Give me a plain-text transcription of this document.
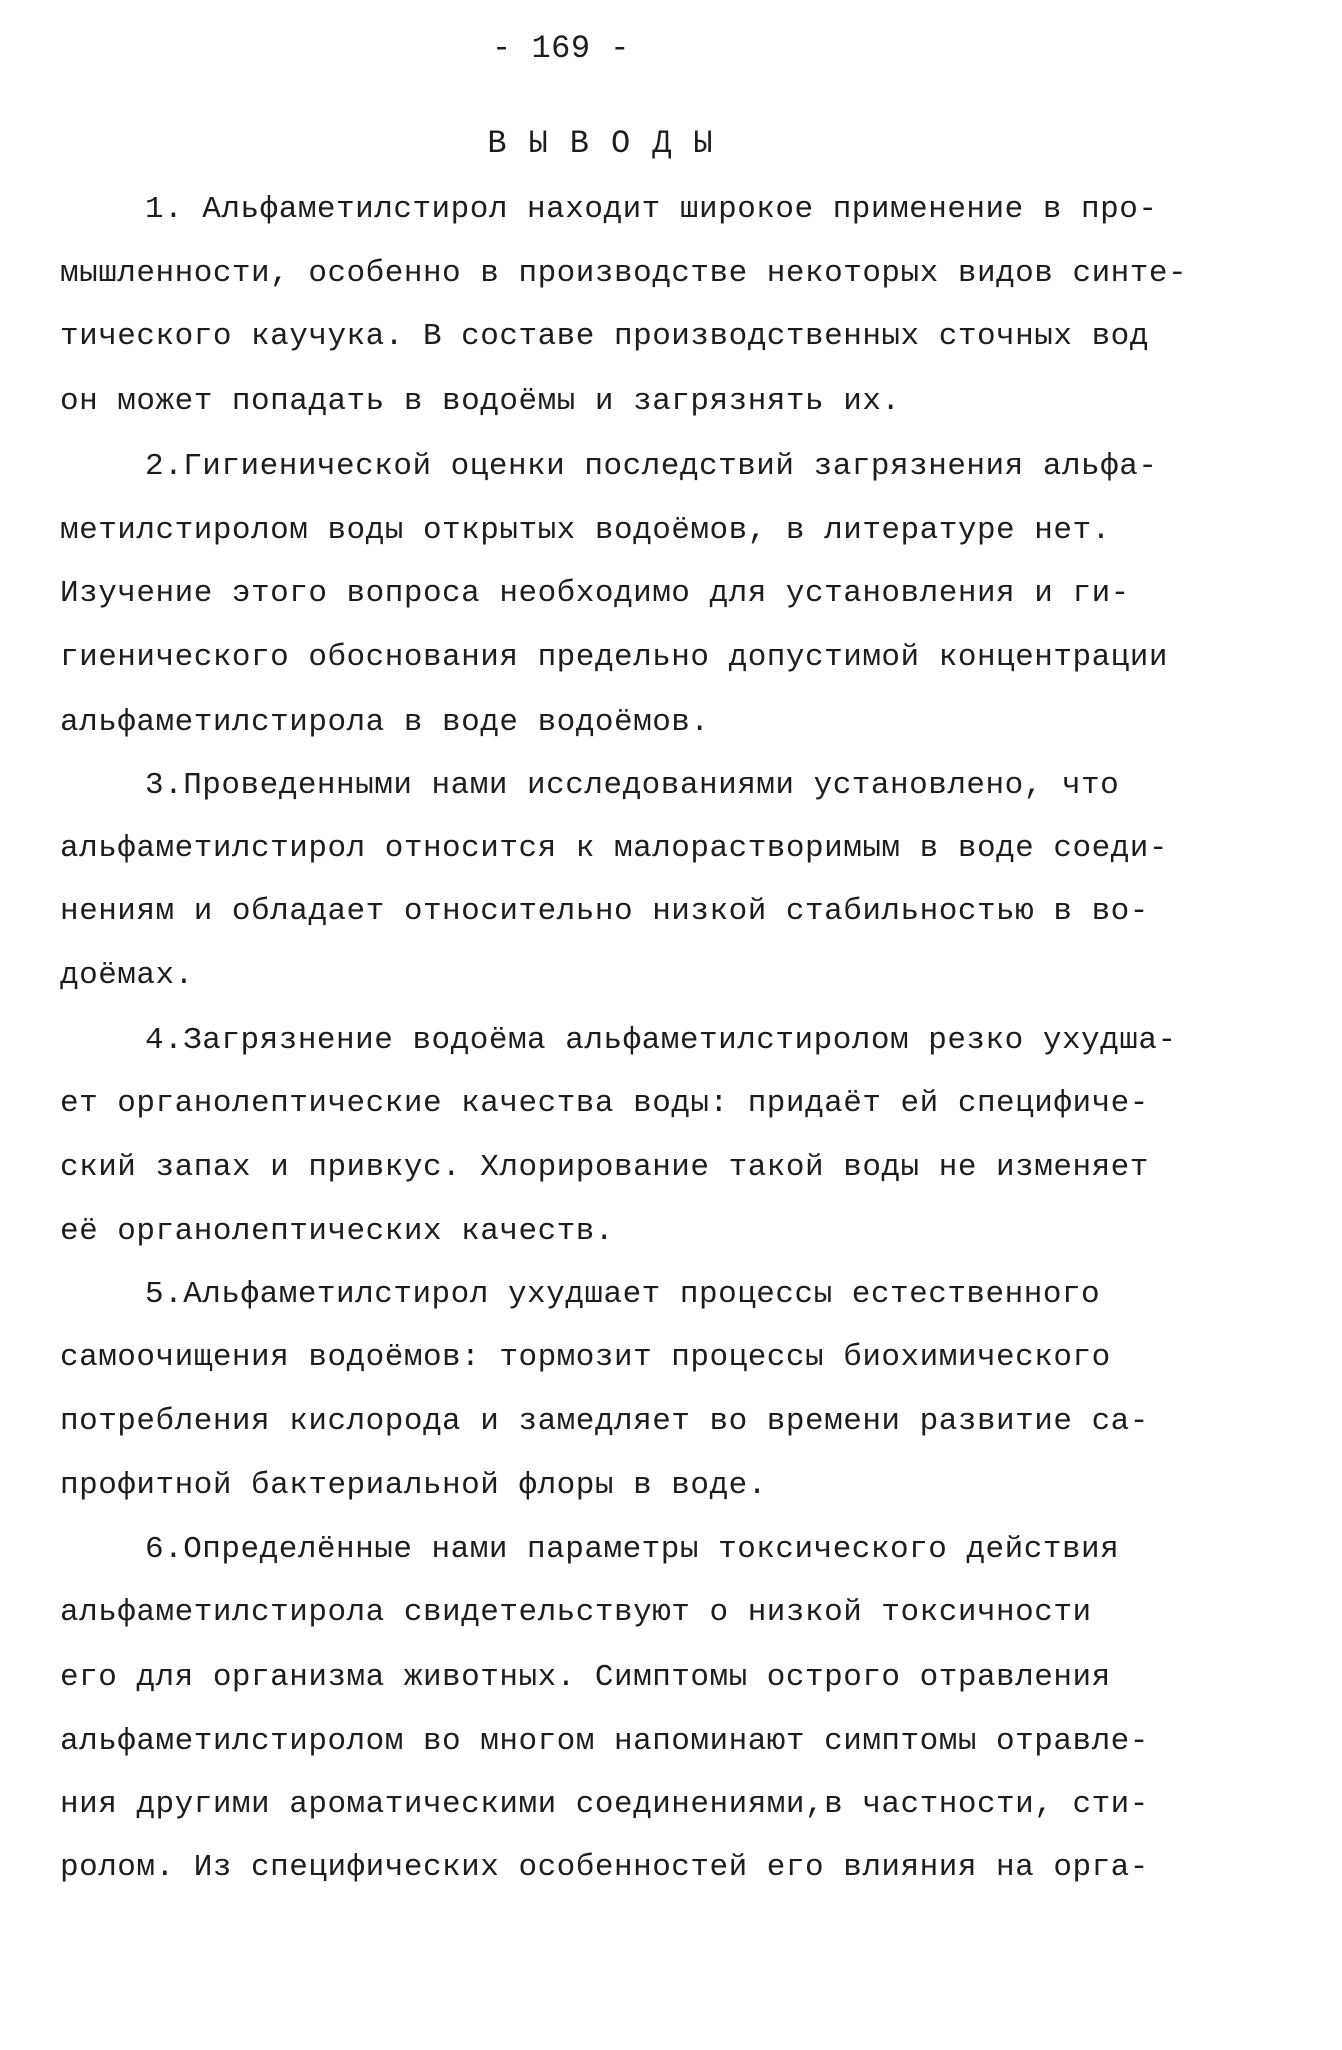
- 169 -
ВЫВОДЫ
1. Альфаметилстирол находит широкое применение в про-
мышленности, особенно в производстве некоторых видов синте-
тического каучука. В составе производственных сточных вод
он может попадать в водоёмы и загрязнять их.
2.Гигиенической оценки последствий загрязнения альфа-
метилстиролом воды открытых водоёмов, в литературе нет.
Изучение этого вопроса необходимо для установления и ги-
гиенического обоснования предельно допустимой концентрации
альфаметилстирола в воде водоёмов.
3.Проведенными нами исследованиями установлено, что
альфаметилстирол относится к малорастворимым в воде соеди-
нениям и обладает относительно низкой стабильностью в во-
доёмах.
4.Загрязнение водоёма альфаметилстиролом резко ухудша-
ет органолептические качества воды: придаёт ей специфиче-
ский запах и привкус. Хлорирование такой воды не изменяет
её органолептических качеств.
5.Альфаметилстирол ухудшает процессы естественного
самоочищения водоёмов: тормозит процессы биохимического
потребления кислорода и замедляет во времени развитие са-
профитной бактериальной флоры в воде.
6.Определённые нами параметры токсического действия
альфаметилстирола свидетельствуют о низкой токсичности
его для организма животных. Симптомы острого отравления
альфаметилстиролом во многом напоминают симптомы отравле-
ния другими ароматическими соединениями,в частности, сти-
ролом. Из специфических особенностей его влияния на орга-
